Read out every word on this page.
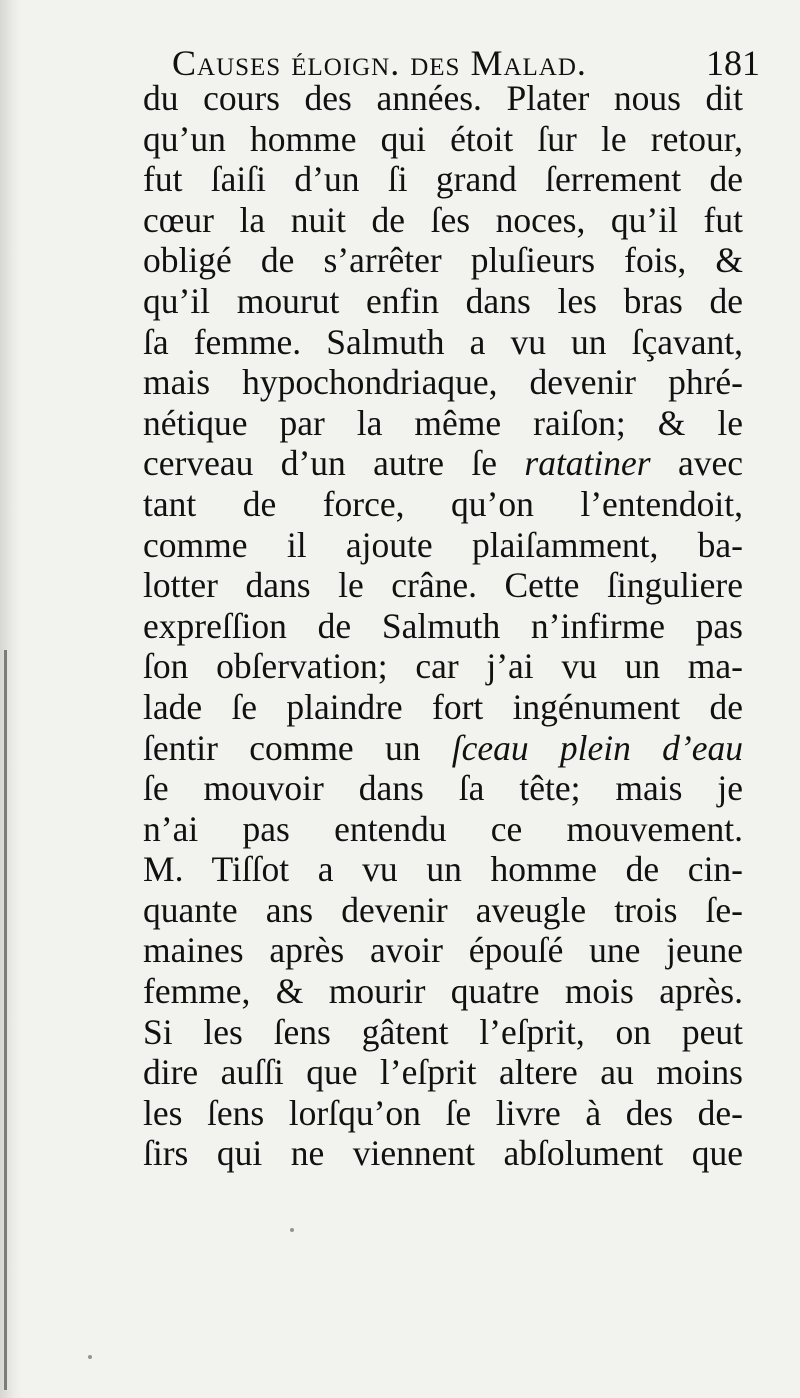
Causes éloign. des Malad.	181
du cours des années. Plater nous dit
qu’un homme qui étoit ſur le retour,
fut ſaiſi d’un ſi grand ſerrement de
cœur la nuit de ſes noces, qu’il fut
obligé de s’arrêter pluſieurs fois, &
qu’il mourut enfin dans les bras de
ſa femme. Salmuth a vu un ſçavant,
mais hypochondriaque, devenir phré-
nétique par la même raiſon; & le
cerveau d’un autre ſe ratatiner avec
tant de force, qu’on l’entendoit,
comme il ajoute plaiſamment, ba-
lotter dans le crâne. Cette ſinguliere
expreſſion de Salmuth n’infirme pas
ſon obſervation; car j’ai vu un ma-
lade ſe plaindre fort ingénument de
ſentir comme un ſceau plein d’eau
ſe mouvoir dans ſa tête; mais je
n’ai pas entendu ce mouvement.
M. Tiſſot a vu un homme de cin-
quante ans devenir aveugle trois ſe-
maines après avoir épouſé une jeune
femme, & mourir quatre mois après.
Si les ſens gâtent l’eſprit, on peut
dire auſſi que l’eſprit altere au moins
les ſens lorſqu’on ſe livre à des de-
ſirs qui ne viennent abſolument que
